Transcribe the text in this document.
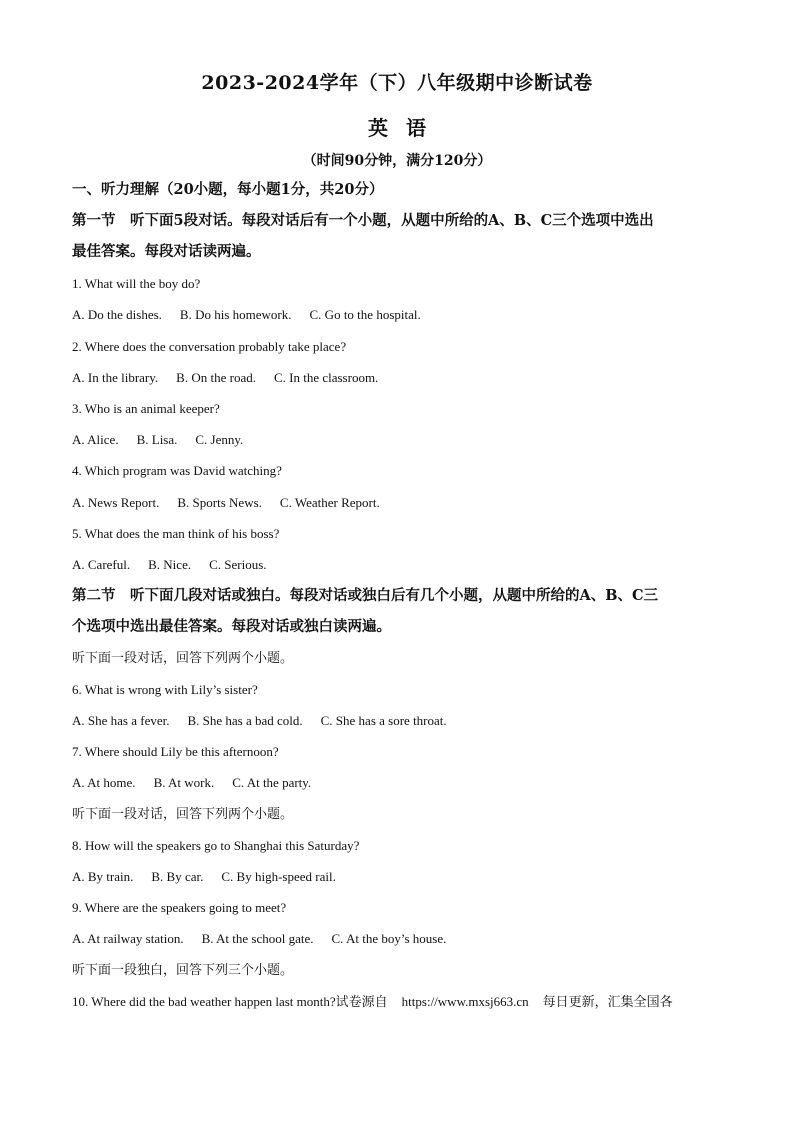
2023-2024学年（下）八年级期中诊断试卷
英语
（时间90分钟，满分120分）
一、听力理解（20小题，每小题1分，共20分）
第一节　听下面5段对话。每段对话后有一个小题，从题中所给的A、B、C三个选项中选出
最佳答案。每段对话读两遍。
1. What will the boy do?
A. Do the dishes. B. Do his homework. C. Go to the hospital.
2. Where does the conversation probably take place?
A. In the library. B. On the road. C. In the classroom.
3. Who is an animal keeper?
A. Alice. B. Lisa. C. Jenny.
4. Which program was David watching?
A. News Report. B. Sports News. C. Weather Report.
5. What does the man think of his boss?
A. Careful. B. Nice. C. Serious.
第二节　听下面几段对话或独白。每段对话或独白后有几个小题，从题中所给的A、B、C三
个选项中选出最佳答案。每段对话或独白读两遍。
听下面一段对话，回答下列两个小题。
6. What is wrong with Lily’s sister?
A. She has a fever. B. She has a bad cold. C. She has a sore throat.
7. Where should Lily be this afternoon?
A. At home. B. At work. C. At the party.
听下面一段对话，回答下列两个小题。
8. How will the speakers go to Shanghai this Saturday?
A. By train. B. By car. C. By high-speed rail.
9. Where are the speakers going to meet?
A. At railway station. B. At the school gate. C. At the boy’s house.
听下面一段独白，回答下列三个小题。
10. Where did the bad weather happen last month?试卷源自 https://www.mxsj663.cn 每日更新，汇集全国各
